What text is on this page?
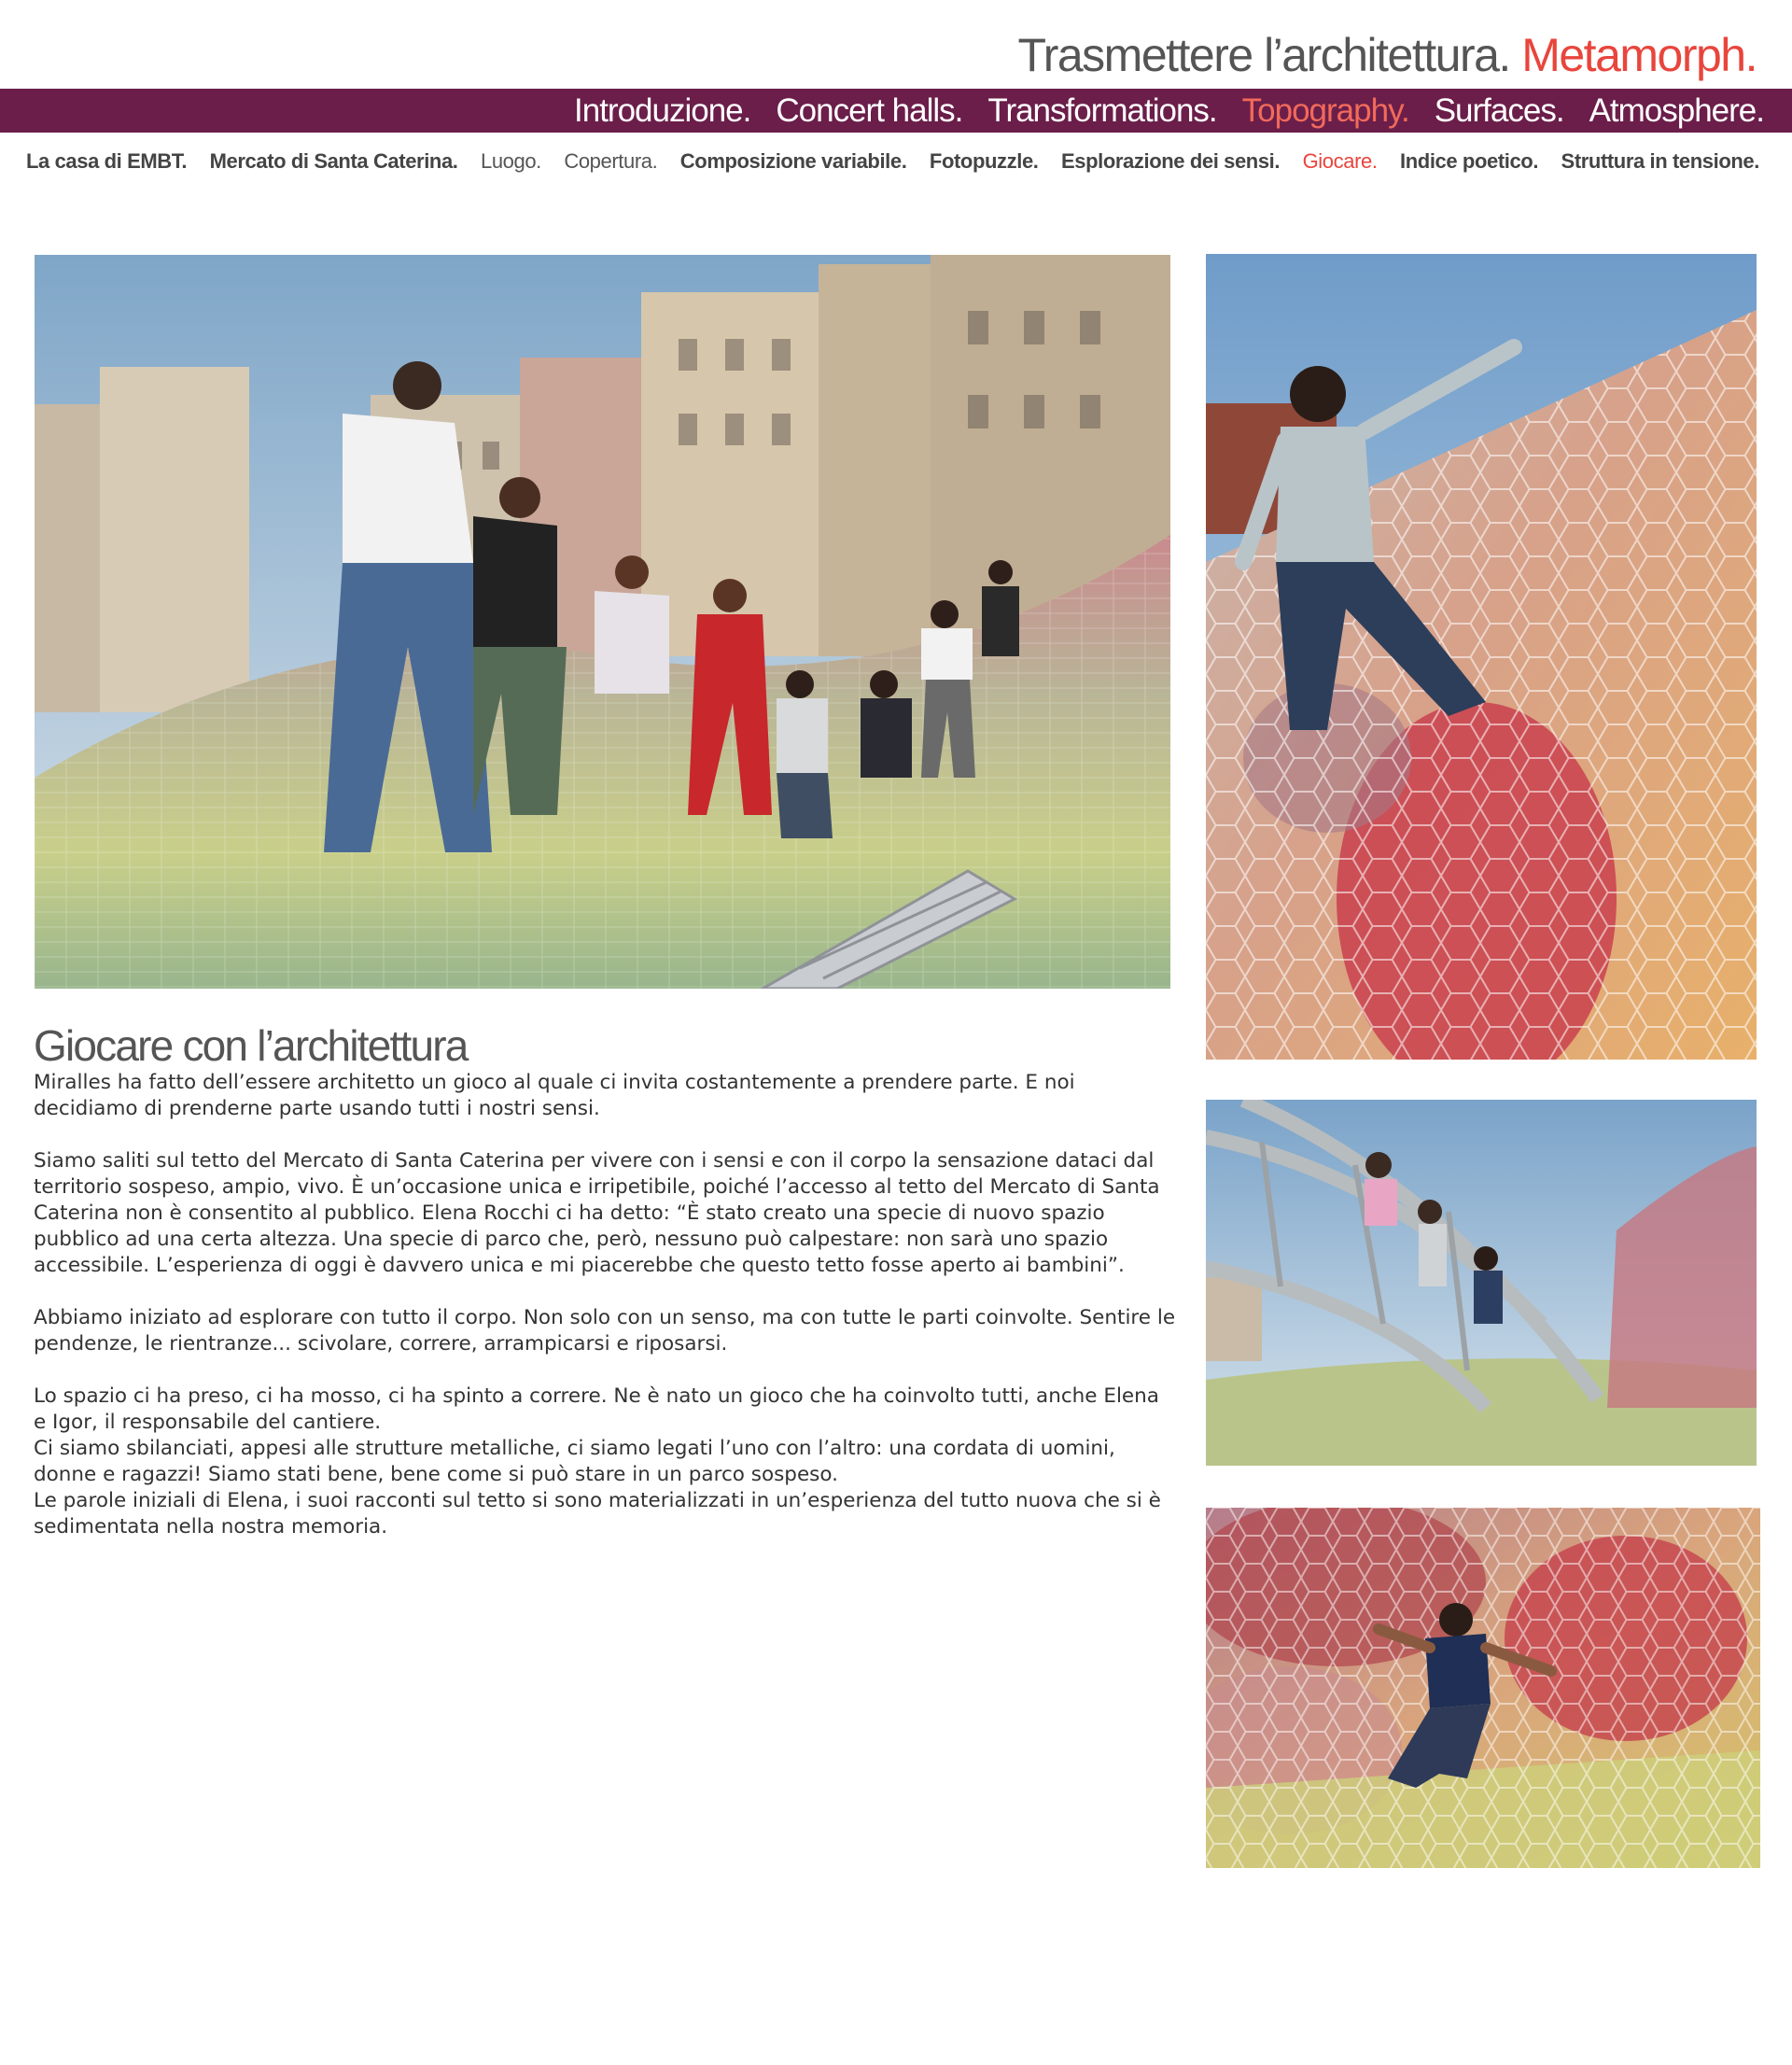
Trasmettere l’architettura. Metamorph.
Introduzione. Concert halls. Transformations. Topography. Surfaces. Atmosphere.
La casa di EMBT. Mercato di Santa Caterina. Luogo. Copertura. Composizione variabile. Fotopuzzle. Esplorazione dei sensi. Giocare. Indice poetico. Struttura in tensione.
Giocare con l’architettura

Miralles ha fatto dell’essere architetto un gioco al quale ci invita costantemente a prendere parte. E noi decidiamo di prenderne parte usando tutti i nostri sensi.

Siamo saliti sul tetto del Mercato di Santa Caterina per vivere con i sensi e con il corpo la sensazione dataci dal territorio sospeso, ampio, vivo. È un’occasione unica e irripetibile, poiché l’accesso al tetto del Mercato di Santa Caterina non è consentito al pubblico. Elena Rocchi ci ha detto: “È stato creato una specie di nuovo spazio pubblico ad una certa altezza. Una specie di parco che, però, nessuno può calpestare: non sarà uno spazio accessibile. L’esperienza di oggi è davvero unica e mi piacerebbe che questo tetto fosse aperto ai bambini”.

Abbiamo iniziato ad esplorare con tutto il corpo. Non solo con un senso, ma con tutte le parti coinvolte. Sentire le pendenze, le rientranze... scivolare, correre, arrampicarsi e riposarsi.

Lo spazio ci ha preso, ci ha mosso, ci ha spinto a correre. Ne è nato un gioco che ha coinvolto tutti, anche Elena e Igor, il responsabile del cantiere.

Ci siamo sbilanciati, appesi alle strutture metalliche, ci siamo legati l’uno con l’altro: una cordata di uomini, donne e ragazzi! Siamo stati bene, bene come si può stare in un parco sospeso.

Le parole iniziali di Elena, i suoi racconti sul tetto si sono materializzati in un’esperienza del tutto nuova che si è sedimentata nella nostra memoria.
